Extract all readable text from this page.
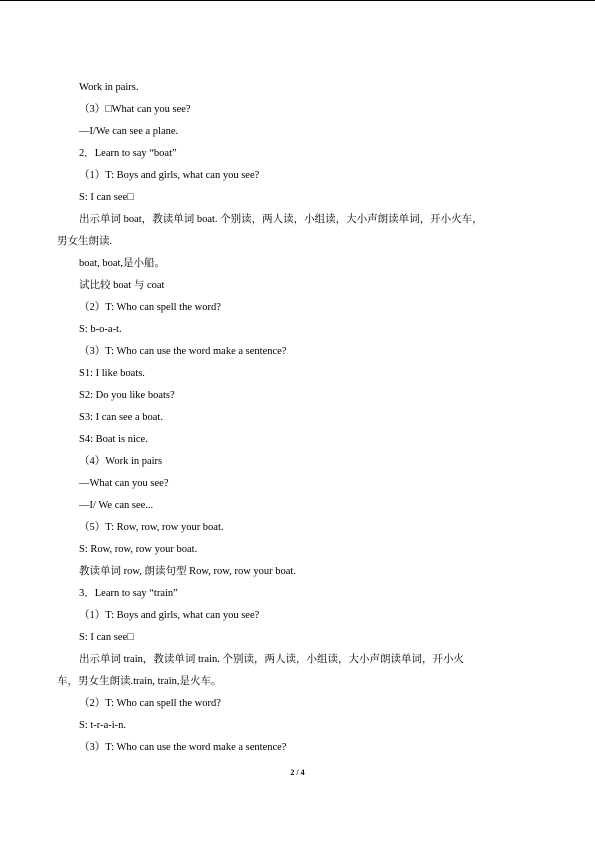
Work in pairs.
（3）□What can you see?
—I/We can see a plane.
2．Learn to say “boat”
（1）T: Boys and girls, what can you see?
S: I can see□
出示单词 boat，教读单词 boat. 个别读，两人读，小组读，大小声朗读单词，开小火车，
男女生朗读.
boat, boat,是小船。
试比较 boat 与 coat
（2）T: Who can spell the word?
S: b-o-a-t.
（3）T: Who can use the word make a sentence?
S1: I like boats.
S2: Do you like boats?
S3: I can see a boat.
S4: Boat is nice.
（4）Work in pairs
—What can you see?
—I/ We can see...
（5）T: Row, row, row your boat.
S: Row, row, row your boat.
教读单词 row, 朗读句型 Row, row, row your boat.
3．Learn to say “train”
（1）T: Boys and girls, what can you see?
S: I can see□
出示单词 train，教读单词 train. 个别读，两人读，小组读，大小声朗读单词，开小火
车，男女生朗读.train, train,是火车。
（2）T: Who can spell the word?
S: t-r-a-i-n.
（3）T: Who can use the word make a sentence?
2 / 4
